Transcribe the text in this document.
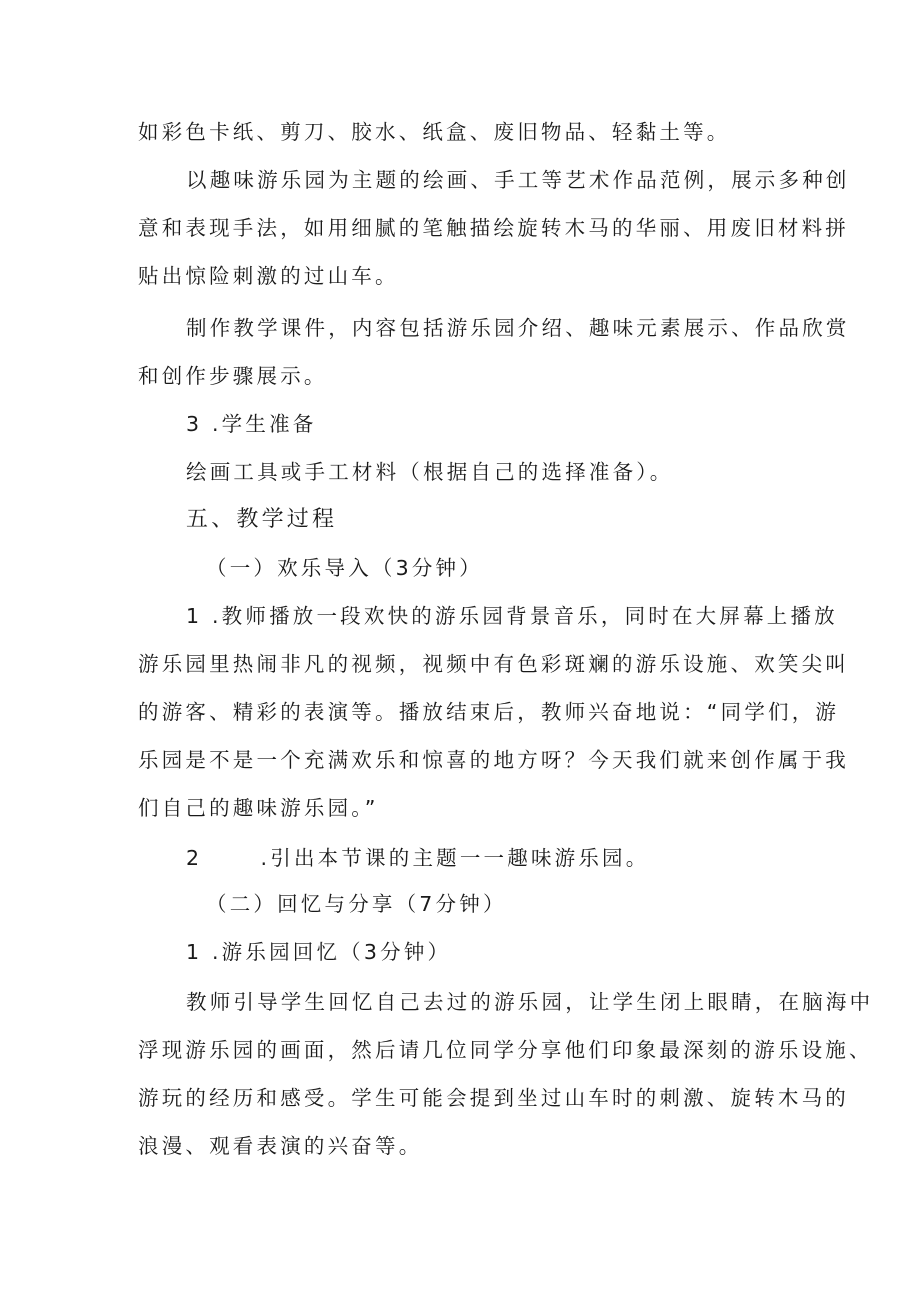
如彩色卡纸、剪刀、胶水、纸盒、废旧物品、轻黏土等。
以趣味游乐园为主题的绘画、手工等艺术作品范例，展示多种创
意和表现手法，如用细腻的笔触描绘旋转木马的华丽、用废旧材料拼
贴出惊险刺激的过山车。
制作教学课件，内容包括游乐园介绍、趣味元素展示、作品欣赏
和创作步骤展示。
3 .学生准备
绘画工具或手工材料（根据自己的选择准备）。
五、教学过程
（一）欢乐导入（3分钟）
1 .教师播放一段欢快的游乐园背景音乐，同时在大屏幕上播放
游乐园里热闹非凡的视频，视频中有色彩斑斓的游乐设施、欢笑尖叫
的游客、精彩的表演等。播放结束后，教师兴奋地说：“同学们，游
乐园是不是一个充满欢乐和惊喜的地方呀？今天我们就来创作属于我
们自己的趣味游乐园。”
2      .引出本节课的主题一一趣味游乐园。
（二）回忆与分享（7分钟）
1 .游乐园回忆（3分钟）
教师引导学生回忆自己去过的游乐园，让学生闭上眼睛，在脑海中
浮现游乐园的画面，然后请几位同学分享他们印象最深刻的游乐设施、
游玩的经历和感受。学生可能会提到坐过山车时的刺激、旋转木马的
浪漫、观看表演的兴奋等。
